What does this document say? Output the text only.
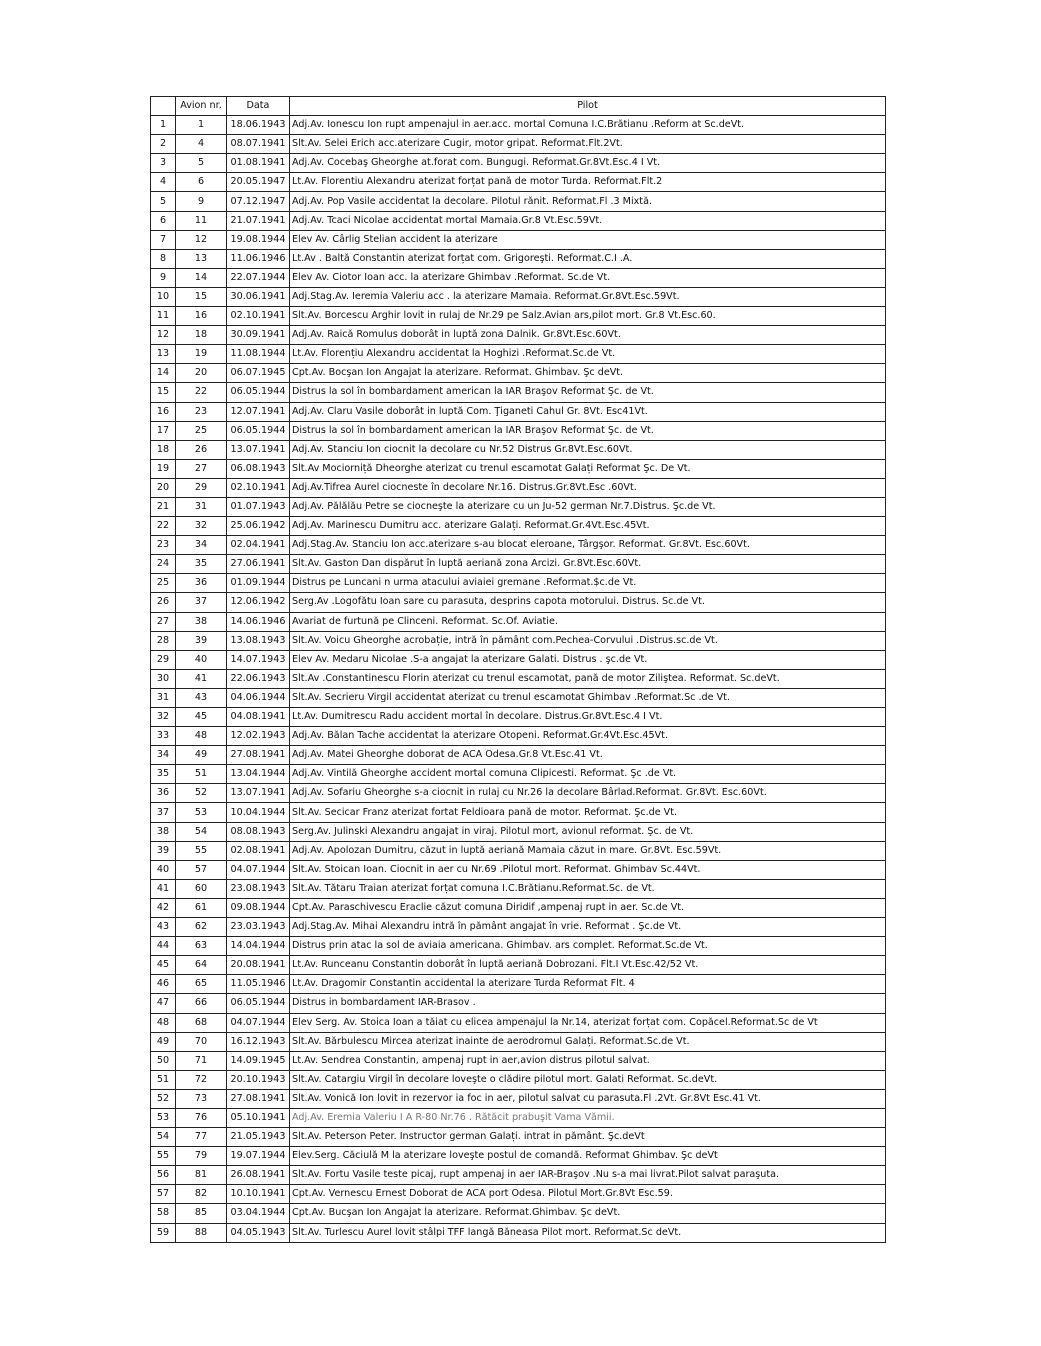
	Avion nr.	Data	Pilot
1	1	18.06.1943	Adj.Av. Ionescu Ion rupt ampenajul in aer.acc. mortal Comuna I.C.Brătianu .Reform at Sc.deVt.
2	4	08.07.1941	Slt.Av. Selei Erich acc.aterizare Cugir, motor gripat. Reformat.Flt.2Vt.
3	5	01.08.1941	Adj.Av. Cocebaş Gheorghe at.forat com. Bungugi. Reformat.Gr.8Vt.Esc.4 I Vt.
4	6	20.05.1947	Lt.Av. Florentiu Alexandru aterizat forțat pană de motor Turda. Reformat.Flt.2
5	9	07.12.1947	Adj.Av. Pop Vasile accidentat la decolare. Pilotul rănit. Reformat.Fl .3 Mixtă.
6	11	21.07.1941	Adj.Av. Tcaci Nicolae accidentat mortal Mamaia.Gr.8 Vt.Esc.59Vt.
7	12	19.08.1944	Elev Av. Cârlig Stelian accident la aterizare
8	13	11.06.1946	Lt.Av . Baltă Constantin aterizat forțat com. Grigoreşti. Reformat.C.I .A.
9	14	22.07.1944	Elev Av. Ciotor Ioan acc. la aterizare Ghimbav .Reformat. Sc.de Vt.
10	15	30.06.1941	Adj.Stag.Av. Ieremia Valeriu acc . la aterizare Mamaia. Reformat.Gr.8Vt.Esc.59Vt.
11	16	02.10.1941	Slt.Av. Borcescu Arghir lovit in rulaj de Nr.29 pe Salz.Avian ars,pilot mort. Gr.8 Vt.Esc.60.
12	18	30.09.1941	Adj.Av. Raică Romulus doborât in luptă zona Dalnik. Gr.8Vt.Esc.60Vt.
13	19	11.08.1944	Lt.Av. Florențiu Alexandru accidentat la Hoghizi .Reformat.Sc.de Vt.
14	20	06.07.1945	Cpt.Av. Bocşan Ion Angajat la aterizare. Reformat. Ghimbav. Şc deVt.
15	22	06.05.1944	Distrus la sol în bombardament american la IAR Braşov Reformat Şc. de Vt.
16	23	12.07.1941	Adj.Av. Claru Vasile doborât in luptă Com. Ţiganeti Cahul Gr. 8Vt. Esc41Vt.
17	25	06.05.1944	Distrus la sol în bombardament american la IAR Braşov Reformat Şc. de Vt.
18	26	13.07.1941	Adj.Av. Stanciu Ion ciocnit la decolare cu Nr.52 Distrus Gr.8Vt.Esc.60Vt.
19	27	06.08.1943	Slt.Av Mociorniță Dheorghe aterizat cu trenul escamotat Galați Reformat Şc. De Vt.
20	29	02.10.1941	Adj.Av.Tifrea Aurel ciocneste în decolare Nr.16. Distrus.Gr.8Vt.Esc .60Vt.
21	31	01.07.1943	Adj.Av. Pălălău Petre se ciocneşte la aterizare cu un Ju-52 german Nr.7.Distrus. Şc.de Vt.
22	32	25.06.1942	Adj.Av. Marinescu Dumitru acc. aterizare Galați. Reformat.Gr.4Vt.Esc.45Vt.
23	34	02.04.1941	Adj.Stag.Av. Stanciu Ion acc.aterizare s-au blocat eleroane, Târgşor. Reformat. Gr.8Vt. Esc.60Vt.
24	35	27.06.1941	Slt.Av. Gaston Dan dispărut în luptă aeriană zona Arcizi. Gr.8Vt.Esc.60Vt.
25	36	01.09.1944	Distrus pe Luncani n urma atacului aviaiei gremane .Reformat.$c.de Vt.
26	37	12.06.1942	Serg.Av .Logofătu Ioan sare cu parasuta, desprins capota motorului. Distrus. Sc.de Vt.
27	38	14.06.1946	Avariat de furtună pe Clinceni. Reformat. Sc.Of. Aviatie.
28	39	13.08.1943	Slt.Av. Voicu Gheorghe acrobație, intră în pământ com.Pechea-Corvului .Distrus.sc.de Vt.
29	40	14.07.1943	Elev Av. Medaru Nicolae .S-a angajat la aterizare Galati. Distrus . şc.de Vt.
30	41	22.06.1943	Slt.Av .Constantinescu Florin aterizat cu trenul escamotat, pană de motor Ziliştea. Reformat. Sc.deVt.
31	43	04.06.1944	Slt.Av. Secrieru Virgil accidentat aterizat cu trenul escamotat Ghimbav .Reformat.Sc .de Vt.
32	45	04.08.1941	Lt.Av. Dumitrescu Radu accident mortal în decolare. Distrus.Gr.8Vt.Esc.4 I Vt.
33	48	12.02.1943	Adj.Av. Bălan Tache accidentat la aterizare Otopeni. Reformat.Gr.4Vt.Esc.45Vt.
34	49	27.08.1941	Adj.Av. Matei Gheorghe doborat de ACA Odesa.Gr.8 Vt.Esc.41 Vt.
35	51	13.04.1944	Adj.Av. Vintilă Gheorghe accident mortal comuna Clipicesti. Reformat. Şc .de Vt.
36	52	13.07.1941	Adj.Av. Sofariu Gheorghe s-a ciocnit in rulaj cu Nr.26 la decolare Bârlad.Reformat. Gr.8Vt. Esc.60Vt.
37	53	10.04.1944	Slt.Av. Secicar Franz aterizat fortat Feldioara pană de motor. Reformat. Şc.de Vt.
38	54	08.08.1943	Serg.Av. Julinski Alexandru angajat in viraj. Pilotul mort, avionul reformat. Şc. de Vt.
39	55	02.08.1941	Adj.Av. Apolozan Dumitru, căzut in luptă aeriană Mamaia căzut in mare. Gr.8Vt. Esc.59Vt.
40	57	04.07.1944	Slt.Av. Stoican Ioan. Ciocnit in aer cu Nr.69 .Pilotul mort. Reformat. Ghimbav Sc.44Vt.
41	60	23.08.1943	Slt.Av. Tătaru Traian aterizat forțat comuna I.C.Brătianu.Reformat.Sc. de Vt.
42	61	09.08.1944	Cpt.Av. Paraschivescu Eraclie căzut comuna Diridif ,ampenaj rupt in aer. Sc.de Vt.
43	62	23.03.1943	Adj.Stag.Av. Mihai Alexandru intră în pământ angajat în vrie. Reformat . Şc.de Vt.
44	63	14.04.1944	Distrus prin atac la sol de aviaia americana. Ghimbav. ars complet. Reformat.Sc.de Vt.
45	64	20.08.1941	Lt.Av. Runceanu Constantin doborât în luptă aeriană Dobrozani. Flt.I Vt.Esc.42/52 Vt.
46	65	11.05.1946	Lt.Av. Dragomir Constantin accidental la aterizare Turda Reformat Flt. 4
47	66	06.05.1944	Distrus in bombardament IAR-Brasov .
48	68	04.07.1944	Elev Serg. Av. Stoica Ioan a tăiat cu elicea ampenajul la Nr.14, aterizat forțat com. Copăcel.Reformat.Sc de Vt
49	70	16.12.1943	Slt.Av. Bărbulescu Mircea aterizat inainte de aerodromul Galați. Reformat.Sc.de Vt.
50	71	14.09.1945	Lt.Av. Sendrea Constantin, ampenaj rupt in aer,avion distrus pilotul salvat.
51	72	20.10.1943	Slt.Av. Catargiu Virgil în decolare loveşte o clădire pilotul mort. Galati Reformat. Sc.deVt.
52	73	27.08.1941	Slt.Av. Vonică Ion lovit in rezervor ia foc in aer, pilotul salvat cu parasuta.Fl .2Vt. Gr.8Vt Esc.41 Vt.
53	76	05.10.1941	Adj.Av. Eremia Valeriu I A R-80 Nr.76 . Rătăcit prabuşit Vama Vămii.
54	77	21.05.1943	Slt.Av. Peterson Peter. Instructor german Galați. intrat in pământ. Şc.deVt
55	79	19.07.1944	Elev.Serg. Căciulă M la aterizare loveşte postul de comandă. Reformat Ghimbav. Şc deVt
56	81	26.08.1941	Slt.Av. Fortu Vasile teste picaj, rupt ampenaj in aer IAR-Braşov .Nu s-a mai livrat.Pilot salvat paraşuta.
57	82	10.10.1941	Cpt.Av. Vernescu Ernest Doborat de ACA port Odesa. Pilotul Mort.Gr.8Vt Esc.59.
58	85	03.04.1944	Cpt.Av. Bucşan Ion Angajat la aterizare. Reformat.Ghimbav. Şc deVt.
59	88	04.05.1943	Slt.Av. Turlescu Aurel lovit stâlpi TFF langă Băneasa Pilot mort. Reformat.Sc deVt.
